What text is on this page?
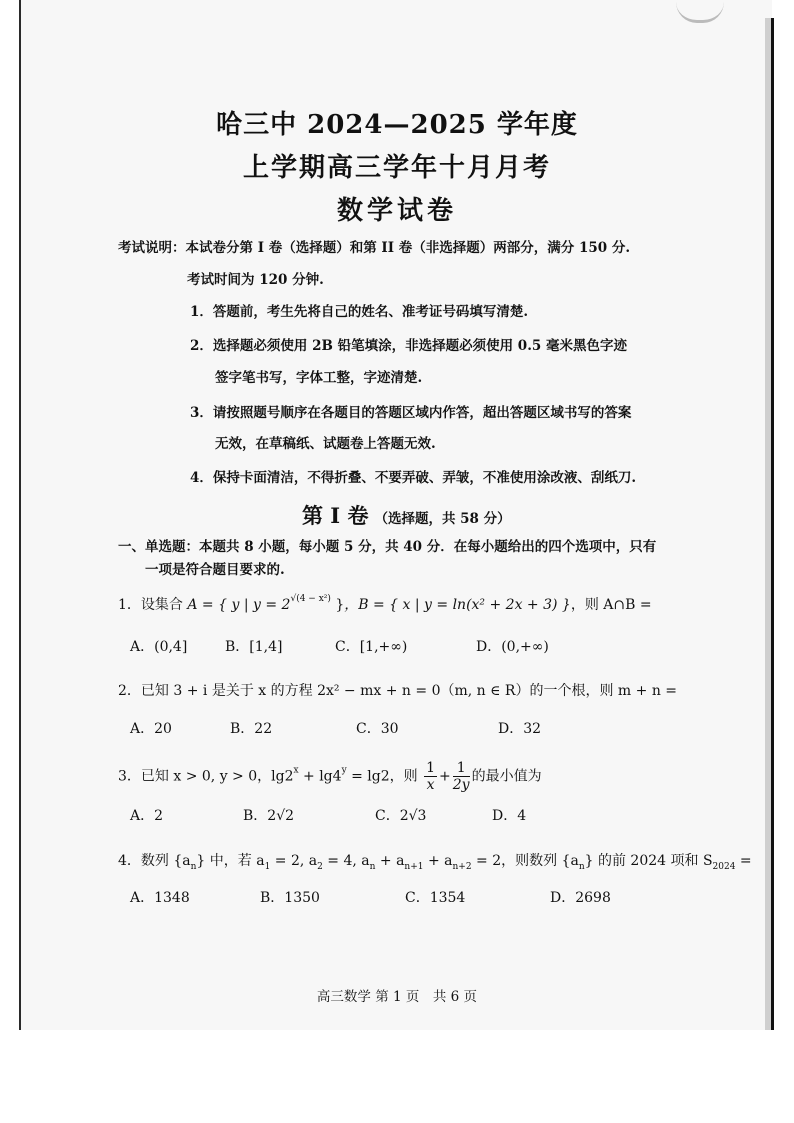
哈三中 2024—2025 学年度
上学期高三学年十月月考
数学试卷
考试说明：本试卷分第 I 卷（选择题）和第 II 卷（非选择题）两部分，满分 150 分.
考试时间为 120 分钟.
1．答题前，考生先将自己的姓名、准考证号码填写清楚.
2．选择题必须使用 2B 铅笔填涂，非选择题必须使用 0.5 毫米黑色字迹
签字笔书写，字体工整，字迹清楚.
3．请按照题号顺序在各题目的答题区域内作答，超出答题区域书写的答案
无效，在草稿纸、试题卷上答题无效.
4．保持卡面清洁，不得折叠、不要弄破、弄皱，不准使用涂改液、刮纸刀.
第 I 卷 （选择题，共 58 分）
一、单选题：本题共 8 小题，每小题 5 分，共 40 分．在每小题给出的四个选项中，只有
一项是符合题目要求的.
1．设集合 A = { y | $y = 2^{√(4 - x^2)}$ }，B = { x | y = ln(x² + 2x + 3) }，则 A∩B =
A．(0,4]	B．[1,4]	C．[1,+∞)	D．(0,+∞)
2．已知 3 + i 是关于 x 的方程 2x² − mx + n = 0（m, n ∈ R）的一个根，则 m + n =
A．20	B．22	C．30	D．32
3．已知 x > 0, y > 0，$\lg 2^x + \lg 4^y = \lg 2$，则 $\frac{1}{x} + \frac{1}{2y}$ 的最小值为
A．2	B．2√2	C．2√3	D．4
4．数列 $\{a_n\}$ 中，若 $a_1 = 2$, $a_2 = 4$, $a_n + a_{n+1} + a_{n+2} = 2$，则数列 $\{a_n\}$ 的前 2024 项和 $S_{2024}$ =
A．1348	B．1350	C．1354	D．2698
高三数学 第 1 页　共 6 页
